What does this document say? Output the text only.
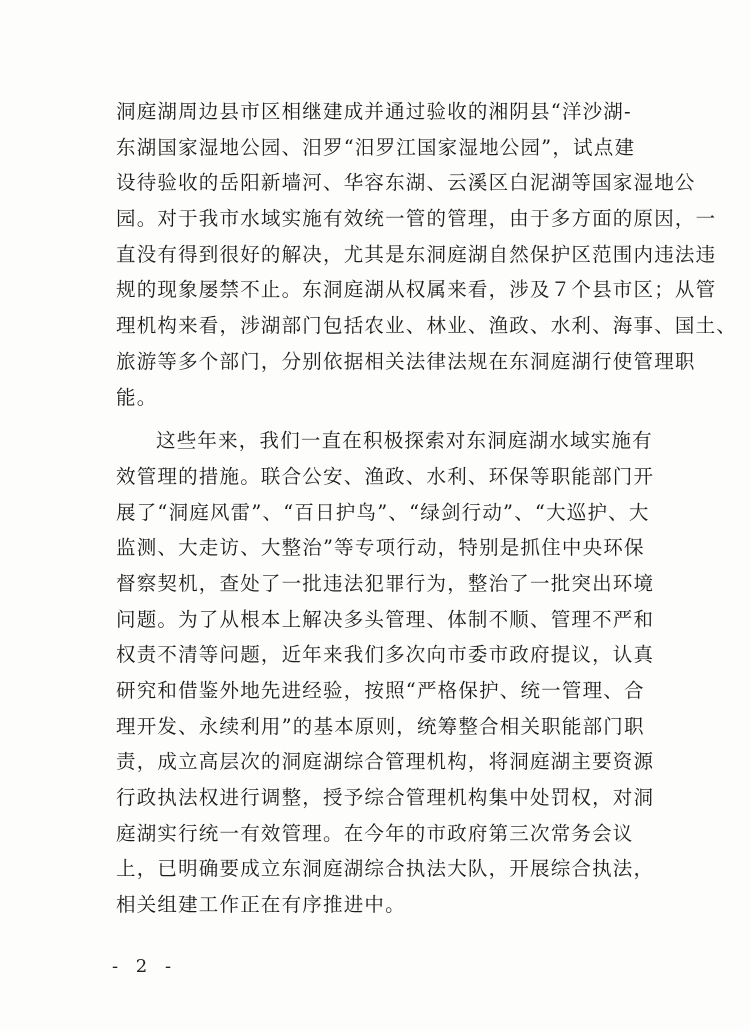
洞庭湖周边县市区相继建成并通过验收的湘阴县“洋沙湖-
东湖国家湿地公园、汨罗“汨罗江国家湿地公园”，试点建
设待验收的岳阳新墙河、华容东湖、云溪区白泥湖等国家湿地公
园。对于我市水域实施有效统一管的管理，由于多方面的原因，一
直没有得到很好的解决，尤其是东洞庭湖自然保护区范围内违法违
规的现象屡禁不止。东洞庭湖从权属来看，涉及７个县市区；从管
理机构来看，涉湖部门包括农业、林业、渔政、水利、海事、国土、
旅游等多个部门，分别依据相关法律法规在东洞庭湖行使管理职
能。
这些年来，我们一直在积极探索对东洞庭湖水域实施有
效管理的措施。联合公安、渔政、水利、环保等职能部门开
展了“洞庭风雷”、“百日护鸟”、“绿剑行动”、“大巡护、大
监测、大走访、大整治”等专项行动，特别是抓住中央环保
督察契机，查处了一批违法犯罪行为，整治了一批突出环境
问题。为了从根本上解决多头管理、体制不顺、管理不严和
权责不清等问题，近年来我们多次向市委市政府提议，认真
研究和借鉴外地先进经验，按照“严格保护、统一管理、合
理开发、永续利用”的基本原则，统筹整合相关职能部门职
责，成立高层次的洞庭湖综合管理机构，将洞庭湖主要资源
行政执法权进行调整，授予综合管理机构集中处罚权，对洞
庭湖实行统一有效管理。在今年的市政府第三次常务会议
上，已明确要成立东洞庭湖综合执法大队，开展综合执法，
相关组建工作正在有序推进中。
- 2 -
